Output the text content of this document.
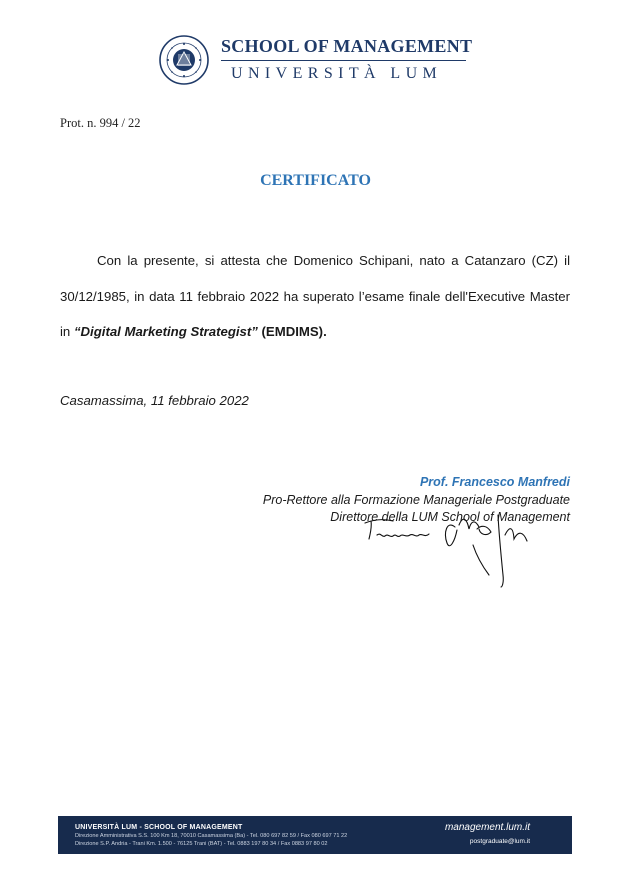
SCHOOL OF MANAGEMENT
UNIVERSITÀ LUM
Prot. n. 994 / 22
CERTIFICATO
Con la presente, si attesta che Domenico Schipani, nato a Catanzaro (CZ) il 30/12/1985, in data 11 febbraio 2022 ha superato l’esame finale dell'Executive Master in “Digital Marketing Strategist” (EMDIMS).
Casamassima, 11 febbraio 2022
Prof. Francesco Manfredi
Pro-Rettore alla Formazione Manageriale Postgraduate
Direttore della LUM School of Management
UNIVERSITÀ LUM - SCHOOL OF MANAGEMENT
Direzione Amministrativa S.S. 100 Km 18, 70010 Casamassima (Ba) - Tel. 080 697 82 59 / Fax 080 697 71 22
Direzione S.P. Andria - Trani Km. 1.500 - 76125 Trani (BAT) - Tel. 0883 197 80 34 / Fax 0883 97 80 02
management.lum.it
postgraduate@lum.it
